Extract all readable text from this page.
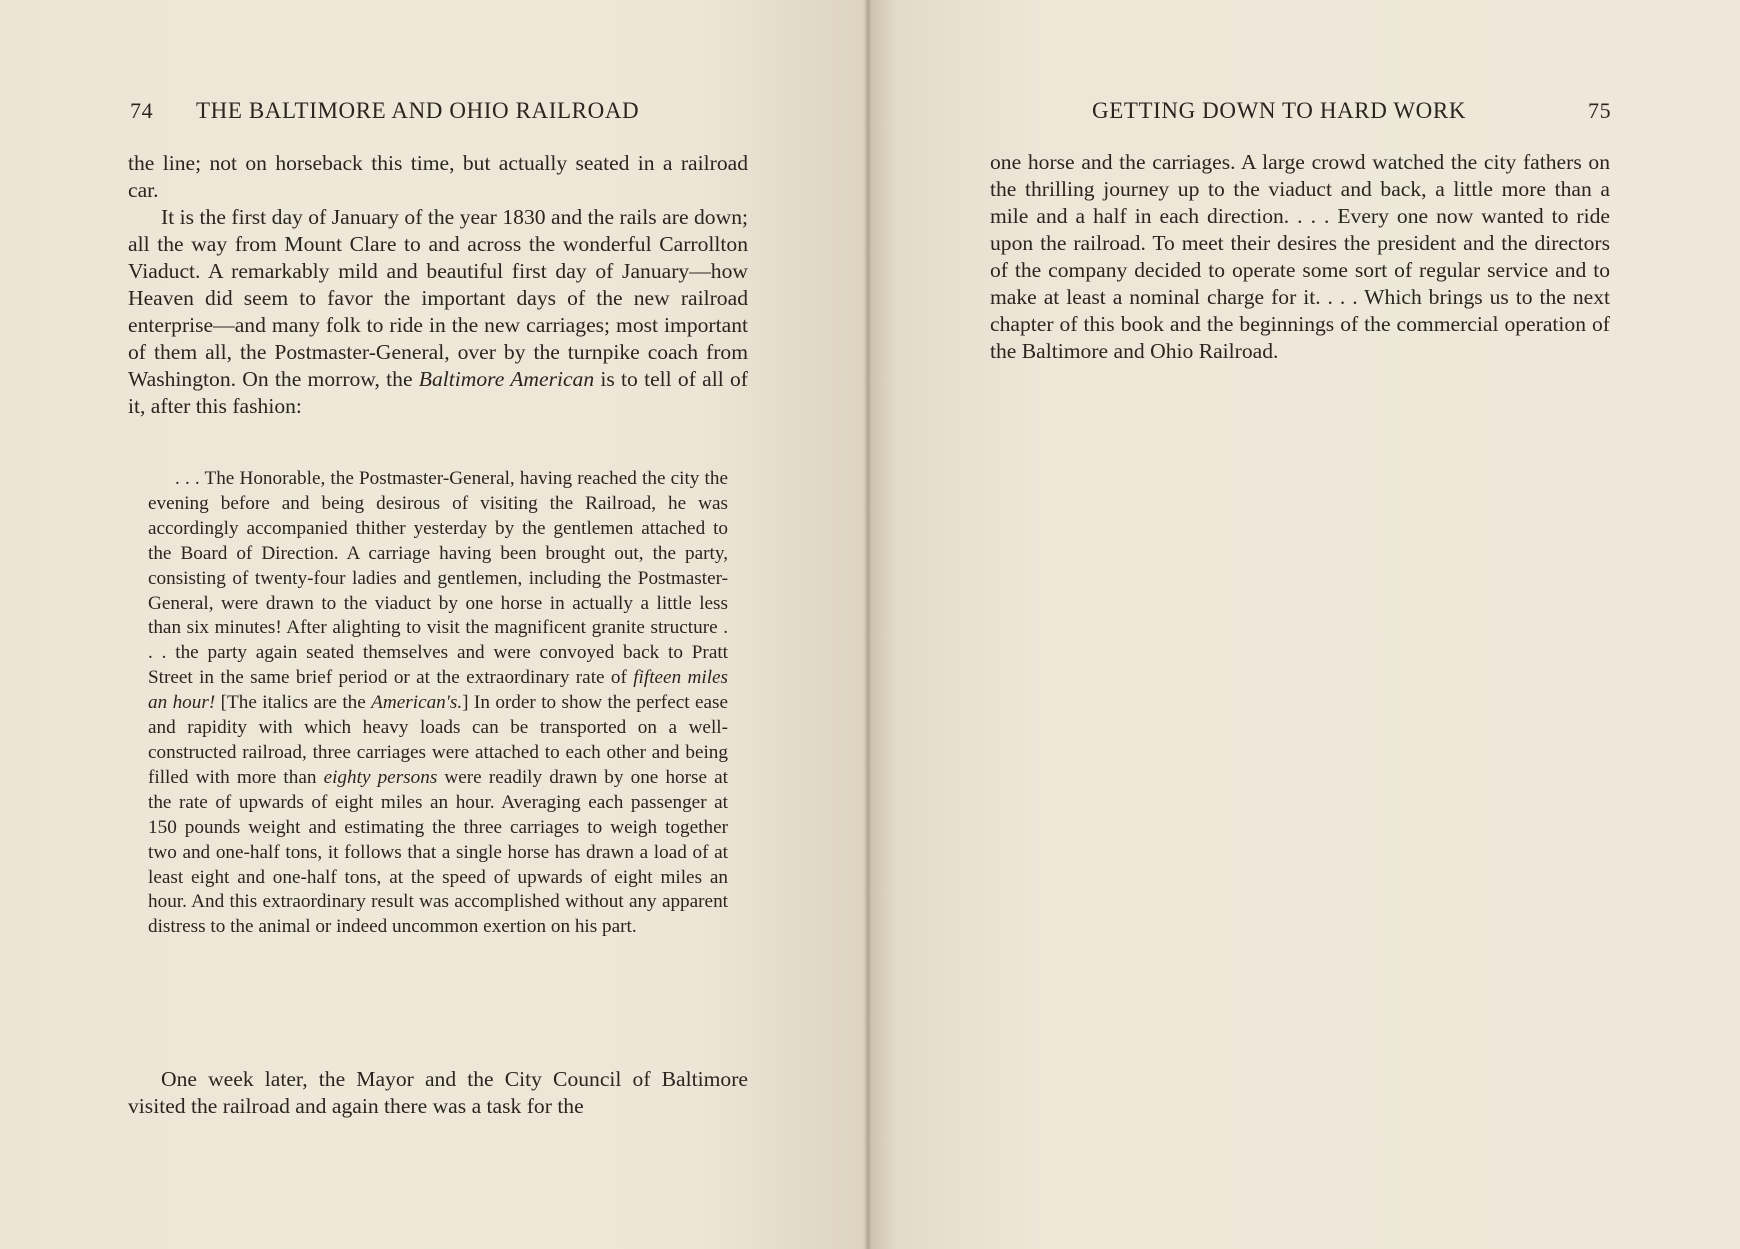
74 THE BALTIMORE AND OHIO RAILROAD

the line; not on horseback this time, but actually seated in a railroad car.

It is the first day of January of the year 1830 and the rails are down; all the way from Mount Clare to and across the wonderful Carrollton Viaduct. A remarkably mild and beautiful first day of January—how Heaven did seem to favor the important days of the new railroad enterprise—and many folk to ride in the new carriages; most important of them all, the Postmaster-General, over by the turnpike coach from Washington. On the morrow, the Baltimore American is to tell of all of it, after this fashion:

. . . The Honorable, the Postmaster-General, having reached the city the evening before and being desirous of visiting the Railroad, he was accordingly accompanied thither yesterday by the gentlemen attached to the Board of Direction. A carriage having been brought out, the party, consisting of twenty-four ladies and gentlemen, including the Postmaster-General, were drawn to the viaduct by one horse in actually a little less than six minutes! After alighting to visit the magnificent granite structure . . . the party again seated themselves and were convoyed back to Pratt Street in the same brief period or at the extraordinary rate of fifteen miles an hour! [The italics are the American's.] In order to show the perfect ease and rapidity with which heavy loads can be transported on a well-constructed railroad, three carriages were attached to each other and being filled with more than eighty persons were readily drawn by one horse at the rate of upwards of eight miles an hour. Averaging each passenger at 150 pounds weight and estimating the three carriages to weigh together two and one-half tons, it follows that a single horse has drawn a load of at least eight and one-half tons, at the speed of upwards of eight miles an hour. And this extraordinary result was accomplished without any apparent distress to the animal or indeed uncommon exertion on his part.

One week later, the Mayor and the City Council of Baltimore visited the railroad and again there was a task for the

GETTING DOWN TO HARD WORK	75

one horse and the carriages. A large crowd watched the city fathers on the thrilling journey up to the viaduct and back, a little more than a mile and a half in each direction. . . . Every one now wanted to ride upon the railroad. To meet their desires the president and the directors of the company decided to operate some sort of regular service and to make at least a nominal charge for it. . . . Which brings us to the next chapter of this book and the beginnings of the commercial operation of the Baltimore and Ohio Railroad.
